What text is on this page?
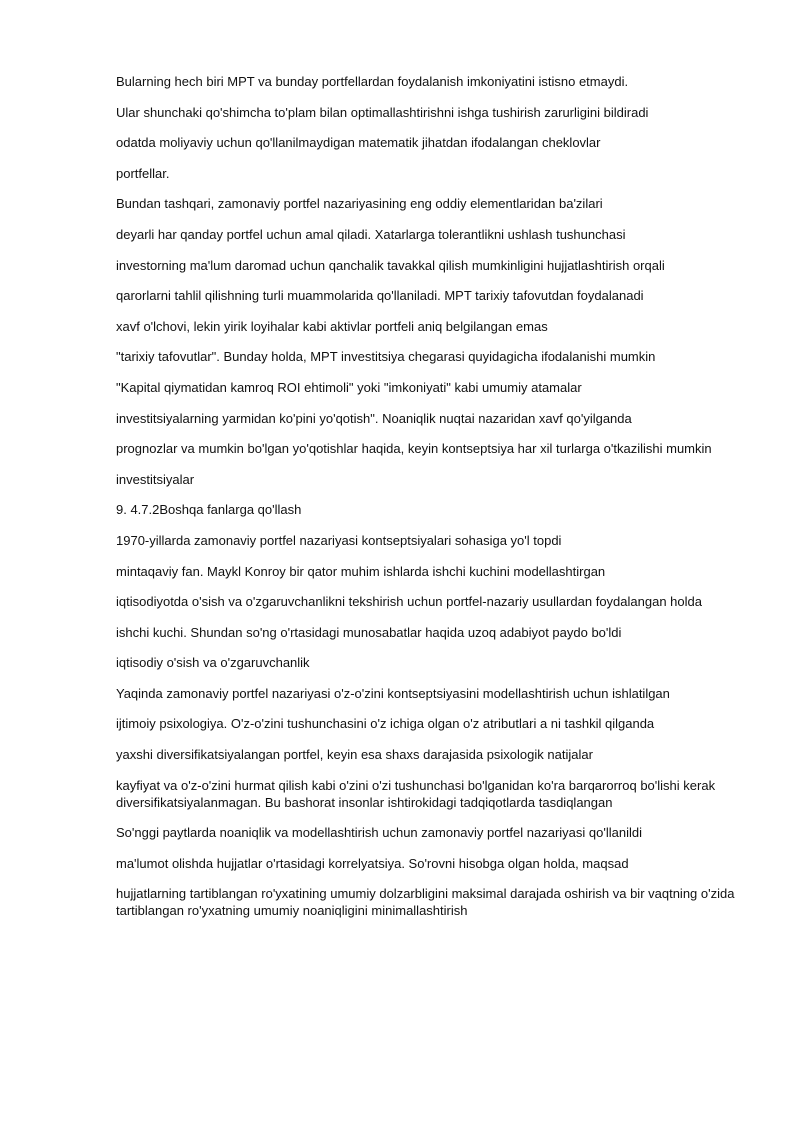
Bularning hech biri MPT va bunday portfellardan foydalanish imkoniyatini istisno etmaydi.

Ular shunchaki qo'shimcha to'plam bilan optimallashtirishni ishga tushirish zarurligini bildiradi

odatda moliyaviy uchun qo'llanilmaydigan matematik jihatdan ifodalangan cheklovlar

portfellar.

Bundan tashqari, zamonaviy portfel nazariyasining eng oddiy elementlaridan ba'zilari

deyarli har qanday portfel uchun amal qiladi. Xatarlarga tolerantlikni ushlash tushunchasi

investorning ma'lum daromad uchun qanchalik tavakkal qilish mumkinligini hujjatlashtirish orqali

qarorlarni tahlil qilishning turli muammolarida qo'llaniladi. MPT tarixiy tafovutdan foydalanadi

xavf o'lchovi, lekin yirik loyihalar kabi aktivlar portfeli aniq belgilangan emas

"tarixiy tafovutlar". Bunday holda, MPT investitsiya chegarasi quyidagicha ifodalanishi mumkin

"Kapital qiymatidan kamroq ROI ehtimoli" yoki "imkoniyati" kabi umumiy atamalar

investitsiyalarning yarmidan ko'pini yo'qotish". Noaniqlik nuqtai nazaridan xavf qo'yilganda

prognozlar va mumkin bo'lgan yo'qotishlar haqida, keyin kontseptsiya har xil turlarga o'tkazilishi mumkin

investitsiyalar

9. 4.7.2Boshqa fanlarga qo'llash

1970-yillarda zamonaviy portfel nazariyasi kontseptsiyalari sohasiga yo'l topdi

mintaqaviy fan. Maykl Konroy bir qator muhim ishlarda ishchi kuchini modellashtirgan

iqtisodiyotda o'sish va o'zgaruvchanlikni tekshirish uchun portfel-nazariy usullardan foydalangan holda

ishchi kuchi. Shundan so'ng o'rtasidagi munosabatlar haqida uzoq adabiyot paydo bo'ldi

iqtisodiy o'sish va o'zgaruvchanlik

Yaqinda zamonaviy portfel nazariyasi o'z-o'zini kontseptsiyasini modellashtirish uchun ishlatilgan

ijtimoiy psixologiya. O'z-o'zini tushunchasini o'z ichiga olgan o'z atributlari a ni tashkil qilganda

yaxshi diversifikatsiyalangan portfel, keyin esa shaxs darajasida psixologik natijalar

kayfiyat va o'z-o'zini hurmat qilish kabi o'zini o'zi tushunchasi bo'lganidan ko'ra barqarorroq bo'lishi kerak diversifikatsiyalanmagan. Bu bashorat insonlar ishtirokidagi tadqiqotlarda tasdiqlangan

So'nggi paytlarda noaniqlik va modellashtirish uchun zamonaviy portfel nazariyasi qo'llanildi

ma'lumot olishda hujjatlar o'rtasidagi korrelyatsiya. So'rovni hisobga olgan holda, maqsad

hujjatlarning tartiblangan ro'yxatining umumiy dolzarbligini maksimal darajada oshirish va bir vaqtning o'zida tartiblangan ro'yxatning umumiy noaniqligini minimallashtirish
